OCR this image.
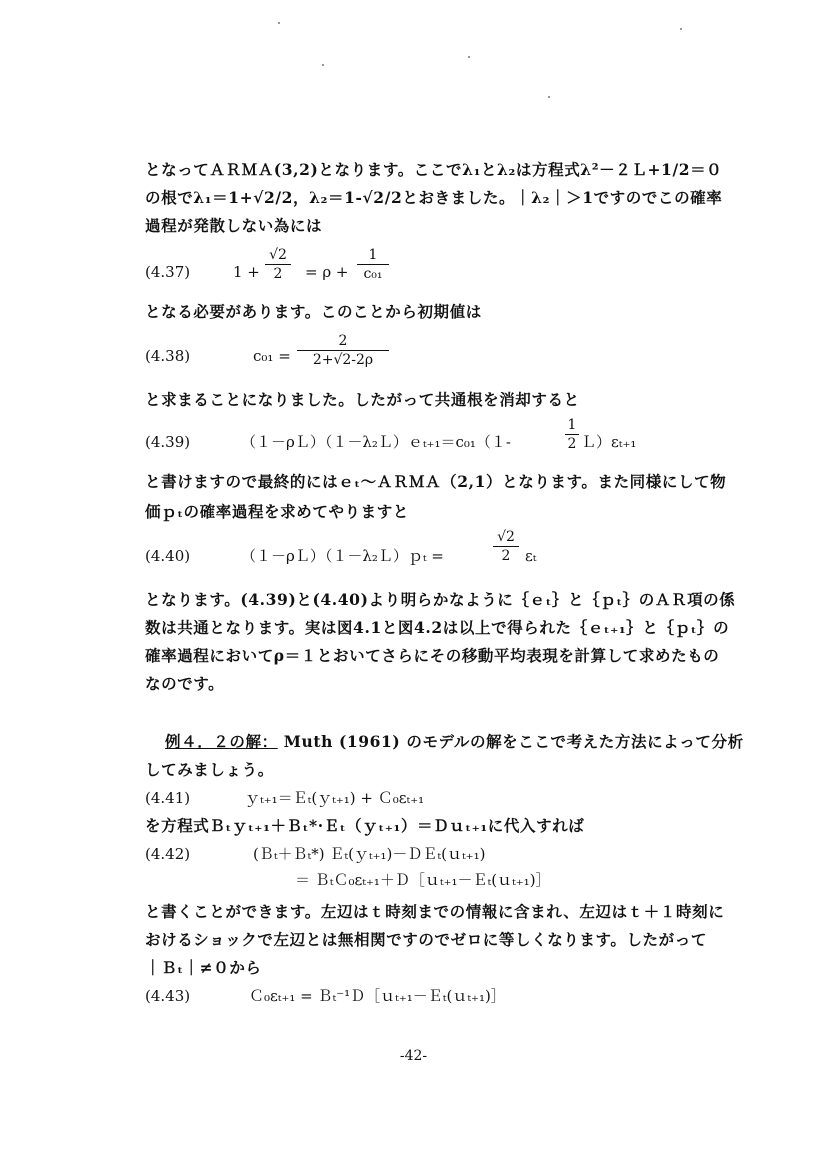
となってＡＲＭＡ(3,2)となります。ここでλ₁とλ₂は方程式λ²－２Ｌ+1/2＝０
の根でλ₁＝1+√2/2，λ₂＝1-√2/2とおきました。｜λ₂｜＞1ですのでこの確率
過程が発散しない為には
(4.37)	1 +
√2
2	= ρ +
1
c₀₁
となる必要があります。このことから初期値は
(4.38)	c₀₁ =
2
2+√2-2ρ
と求まることになりました。したがって共通根を消却すると
(4.39)	（１－ρＬ）（１－λ₂Ｌ）ｅₜ₊₁＝c₀₁（１-
1
2 Ｌ）εₜ₊₁
と書けますので最終的にはｅₜ～ＡＲＭＡ（2,1）となります。また同様にして物
価ｐₜの確率過程を求めてやりますと
(4.40)	（１－ρＬ）（１－λ₂Ｌ）ｐₜ =
√2
2 εₜ
となります。(4.39)と(4.40)より明らかなように｛ｅₜ｝と｛ｐₜ｝のＡＲ項の係
数は共通となります。実は図4.1と図4.2は以上で得られた｛ｅₜ₊₁｝と｛ｐₜ｝の
確率過程においてρ＝１とおいてさらにその移動平均表現を計算して求めたもの
なのです。
例４．２の解： Muth (1961) のモデルの解をここで考えた方法によって分析
してみましょう。
(4.41)	ｙₜ₊₁＝Ｅₜ(ｙₜ₊₁) + Ｃ₀εₜ₊₁
を方程式Ｂₜｙₜ₊₁＋Ｂₜ*·Ｅₜ（ｙₜ₊₁）＝Ｄｕₜ₊₁に代入すれば
(4.42)	(Ｂₜ＋Ｂₜ*) Ｅₜ(ｙₜ₊₁)－ＤＥₜ(ｕₜ₊₁)
＝ ＢₜＣ₀εₜ₊₁＋Ｄ［ｕₜ₊₁－Ｅₜ(ｕₜ₊₁)］
と書くことができます。左辺はｔ時刻までの情報に含まれ、左辺はｔ＋１時刻に
おけるショックで左辺とは無相関ですのでゼロに等しくなります。したがって
｜Ｂₜ｜≠０から
(4.43)	Ｃ₀εₜ₊₁ = Ｂₜ⁻¹Ｄ［ｕₜ₊₁－Ｅₜ(ｕₜ₊₁)］
-42-
